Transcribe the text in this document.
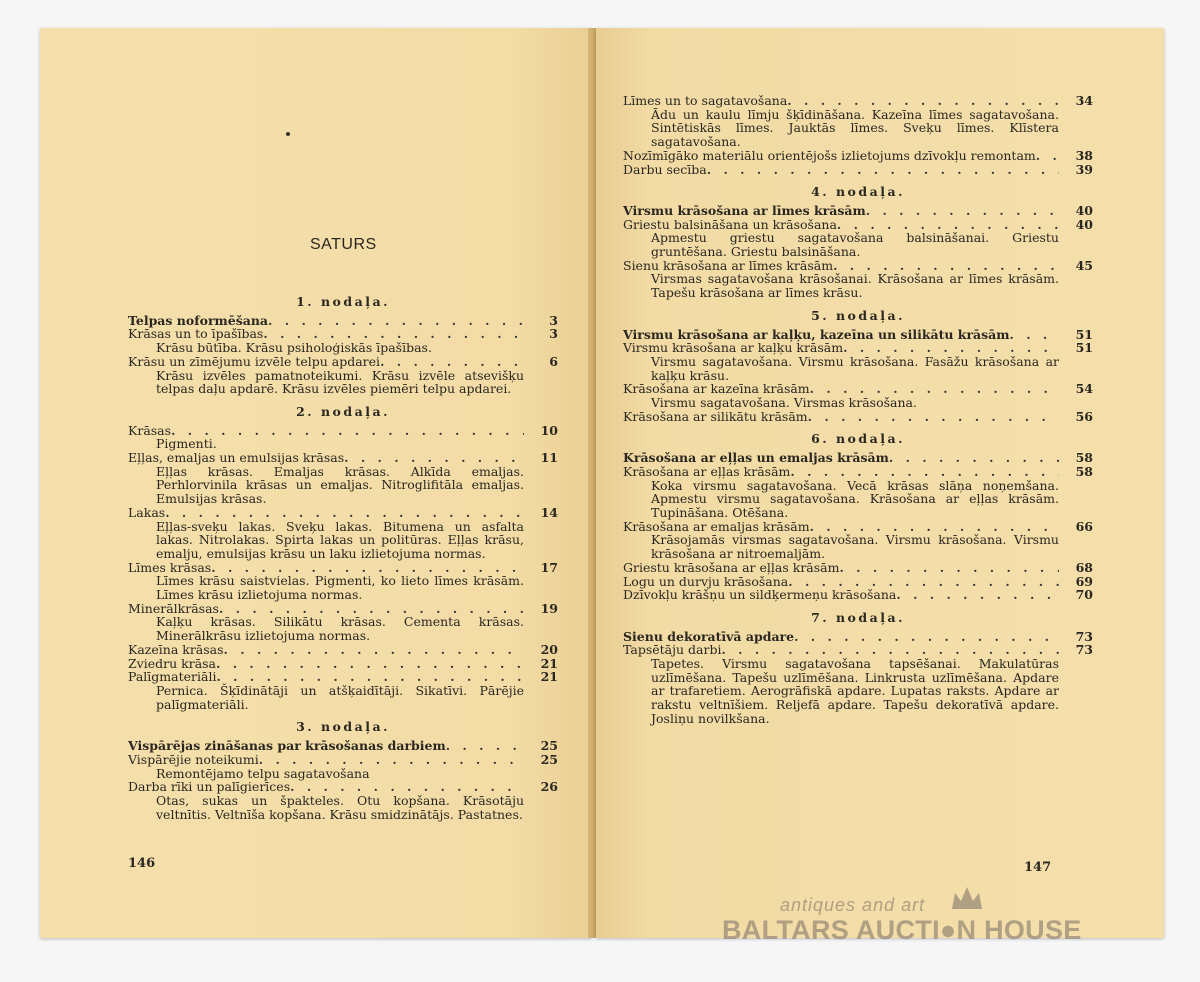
SATURS
1. nodaļa.
Telpas noformēšana . . .	3
Krāsas un to īpašības . . .	3
Krāsu būtība. Krāsu psiholoģiskās īpašības.
Krāsu un zīmējumu izvēle telpu apdarei . . .	6
Krāsu izvēles pamatnoteikumi. Krāsu izvēle atsevišķu telpas daļu apdarē. Krāsu izvēles piemēri telpu apdarei.
2. nodaļa.
Krāsas . . .	10
Pigmenti.
Eļļas, emaljas un emulsijas krāsas . . .	11
Eļļas krāsas. Emaljas krāsas. Alkīda emaljas. Perhlorvinila krāsas un emaljas. Nitroglifitāla emaljas. Emulsijas krāsas.
Lakas . . .	14
Eļļas-sveķu lakas. Sveķu lakas. Bitumena un asfalta lakas. Nitrolakas. Spirta lakas un politūras. Eļļas krāsu, emalju, emulsijas krāsu un laku izlietojuma normas.
Līmes krāsas . . .	17
Līmes krāsu saistvielas. Pigmenti, ko lieto līmes krāsām. Līmes krāsu izlietojuma normas.
Minerālkrāsas . . .	19
Kaļķu krāsas. Silikātu krāsas. Cementa krāsas. Minerālkrāsu izlietojuma normas.
Kazeīna krāsas . . .	20
Zviedru krāsa . . .	21
Palīgmateriāli . . .	21
Pernica. Šķīdinātāji un atšķaidītāji. Sikatīvi. Pārējie palīgmateriāli.
3. nodaļa.
Vispārējas zināšanas par krāsošanas darbiem . . .	25
Vispārējie noteikumi . . .	25
Remontējamo telpu sagatavošana
Darba rīki un palīgierīces . . .	26
Otas, sukas un špakteles. Otu kopšana. Krāsotāju veltnītis. Veltnīša kopšana. Krāsu smidzinātājs. Pastatnes.
146
Līmes un to sagatavošana . . .	34
Ādu un kaulu līmju šķīdināšana. Kazeīna līmes sagatavošana. Sintētiskās līmes. Jauktās līmes. Sveķu līmes. Klīstera sagatavošana.
Nozīmīgāko materiālu orientējošs izlietojums dzīvokļu remontam . . .	38
Darbu secība . . .	39
4. nodaļa.
Virsmu krāsošana ar līmes krāsām . . .	40
Griestu balsināšana un krāsošana . . .	40
Apmestu griestu sagatavošana balsināšanai. Griestu gruntēšana. Griestu balsināšana.
Sienu krāsošana ar līmes krāsām . . .	45
Virsmas sagatavošana krāsošanai. Krāsošana ar līmes krāsām. Tapešu krāsošana ar līmes krāsu.
5. nodaļa.
Virsmu krāsošana ar kaļķu, kazeīna un silikātu krāsām . . .	51
Virsmu krāsošana ar kaļķu krāsām . . .	51
Virsmu sagatavošana. Virsmu krāsošana. Fasāžu krāsošana ar kaļķu krāsu.
Krāsošana ar kazeīna krāsām . . .	54
Virsmu sagatavošana. Virsmas krāsošana.
Krāsošana ar silikātu krāsām . . .	56
6. nodaļa.
Krāsošana ar eļļas un emaljas krāsām . . .	58
Krāsošana ar eļļas krāsām . . .	58
Koka virsmu sagatavošana. Vecā krāsas slāņa noņemšana. Apmestu virsmu sagatavošana. Krāsošana ar eļļas krāsām. Tupināšana. Otēšana.
Krāsošana ar emaljas krāsām . . .	66
Krāsojamās virsmas sagatavošana. Virsmu krāsošana. Virsmu krāsošana ar nitroemaljām.
Griestu krāsošana ar eļļas krāsām . . .	68
Logu un durvju krāsošana . . .	69
Dzīvokļu krāšņu un sildķermeņu krāsošana . . .	70
7. nodaļa.
Sienu dekoratīvā apdare . . .	73
Tapsētāju darbi . . .	73
Tapetes. Virsmu sagatavošana tapsēšanai. Makulatūras uzlīmēšana. Tapešu uzlīmēšana. Linkrusta uzlīmēšana. Apdare ar trafaretiem. Aerogrāfiskā apdare. Lupatas raksts. Apdare ar rakstu veltnīšiem. Reljefā apdare. Tapešu dekoratīvā apdare. Josliņu novilkšana.
147
antiques and art
BALTARS AUCTI●N HOUSE
